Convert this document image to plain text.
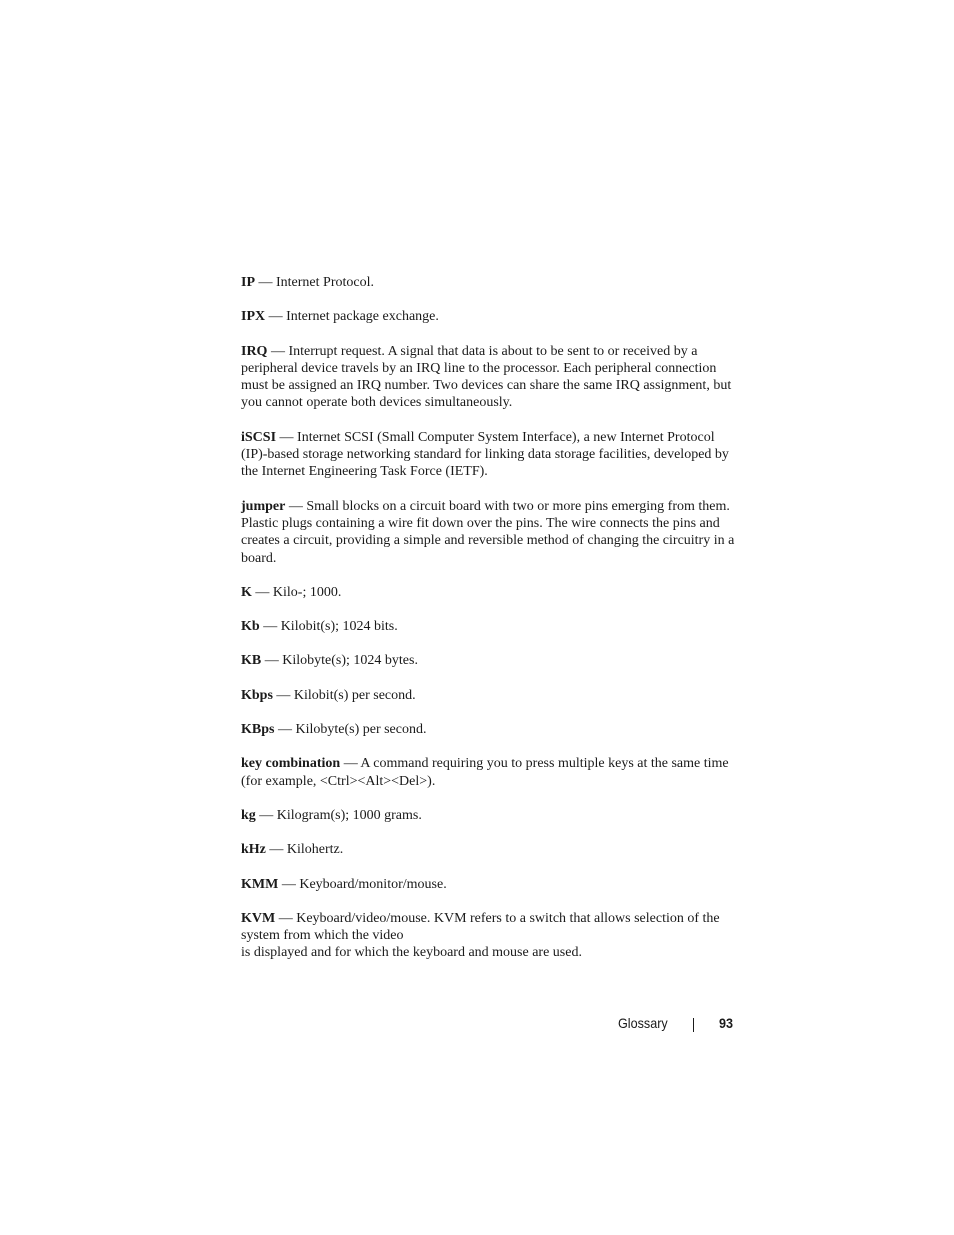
IP — Internet Protocol.
IPX — Internet package exchange.
IRQ — Interrupt request. A signal that data is about to be sent to or received by a peripheral device travels by an IRQ line to the processor. Each peripheral connection must be assigned an IRQ number. Two devices can share the same IRQ assignment, but you cannot operate both devices simultaneously.
iSCSI — Internet SCSI (Small Computer System Interface), a new Internet Protocol (IP)-based storage networking standard for linking data storage facilities, developed by the Internet Engineering Task Force (IETF).
jumper — Small blocks on a circuit board with two or more pins emerging from them. Plastic plugs containing a wire fit down over the pins. The wire connects the pins and creates a circuit, providing a simple and reversible method of changing the circuitry in a board.
K — Kilo-; 1000.
Kb — Kilobit(s); 1024 bits.
KB — Kilobyte(s); 1024 bytes.
Kbps — Kilobit(s) per second.
KBps — Kilobyte(s) per second.
key combination — A command requiring you to press multiple keys at the same time (for example, <Ctrl><Alt><Del>).
kg — Kilogram(s); 1000 grams.
kHz — Kilohertz.
KMM — Keyboard/monitor/mouse.
KVM — Keyboard/video/mouse. KVM refers to a switch that allows selection of the system from which the video
is displayed and for which the keyboard and mouse are used.
Glossary	93
